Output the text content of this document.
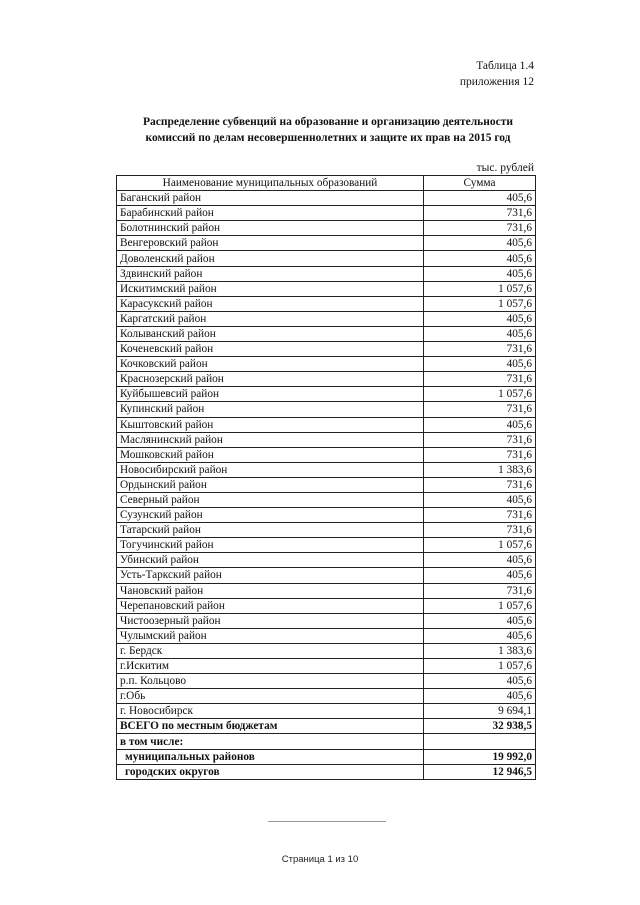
Таблица 1.4
приложения 12
Распределение субвенций на образование и организацию деятельности
комиссий по делам несовершеннолетних и защите их прав на 2015 год
тыс. рублей
Наименование муниципальных образований	Сумма
Баганский район	405,6
Барабинский район	731,6
Болотнинский район	731,6
Венгеровский район	405,6
Доволенский район	405,6
Здвинский район	405,6
Искитимский район	1 057,6
Карасукский район	1 057,6
Каргатский район	405,6
Колыванский район	405,6
Коченевский район	731,6
Кочковский район	405,6
Краснозерский район	731,6
Куйбышевсий район	1 057,6
Купинский район	731,6
Кыштовский район	405,6
Маслянинский район	731,6
Мошковский район	731,6
Новосибирский район	1 383,6
Ордынский район	731,6
Северный район	405,6
Сузунский район	731,6
Татарский район	731,6
Тогучинский район	1 057,6
Убинский район	405,6
Усть-Таркский район	405,6
Чановский район	731,6
Черепановский район	1 057,6
Чистоозерный район	405,6
Чулымский район	405,6
г. Бердск	1 383,6
г.Искитим	1 057,6
р.п. Кольцово	405,6
г.Обь	405,6
г. Новосибирск	9 694,1
ВСЕГО по местным бюджетам	32 938,5
в том числе:	
муниципальных районов	19 992,0
городских округов	12 946,5
Страница 1 из 10
